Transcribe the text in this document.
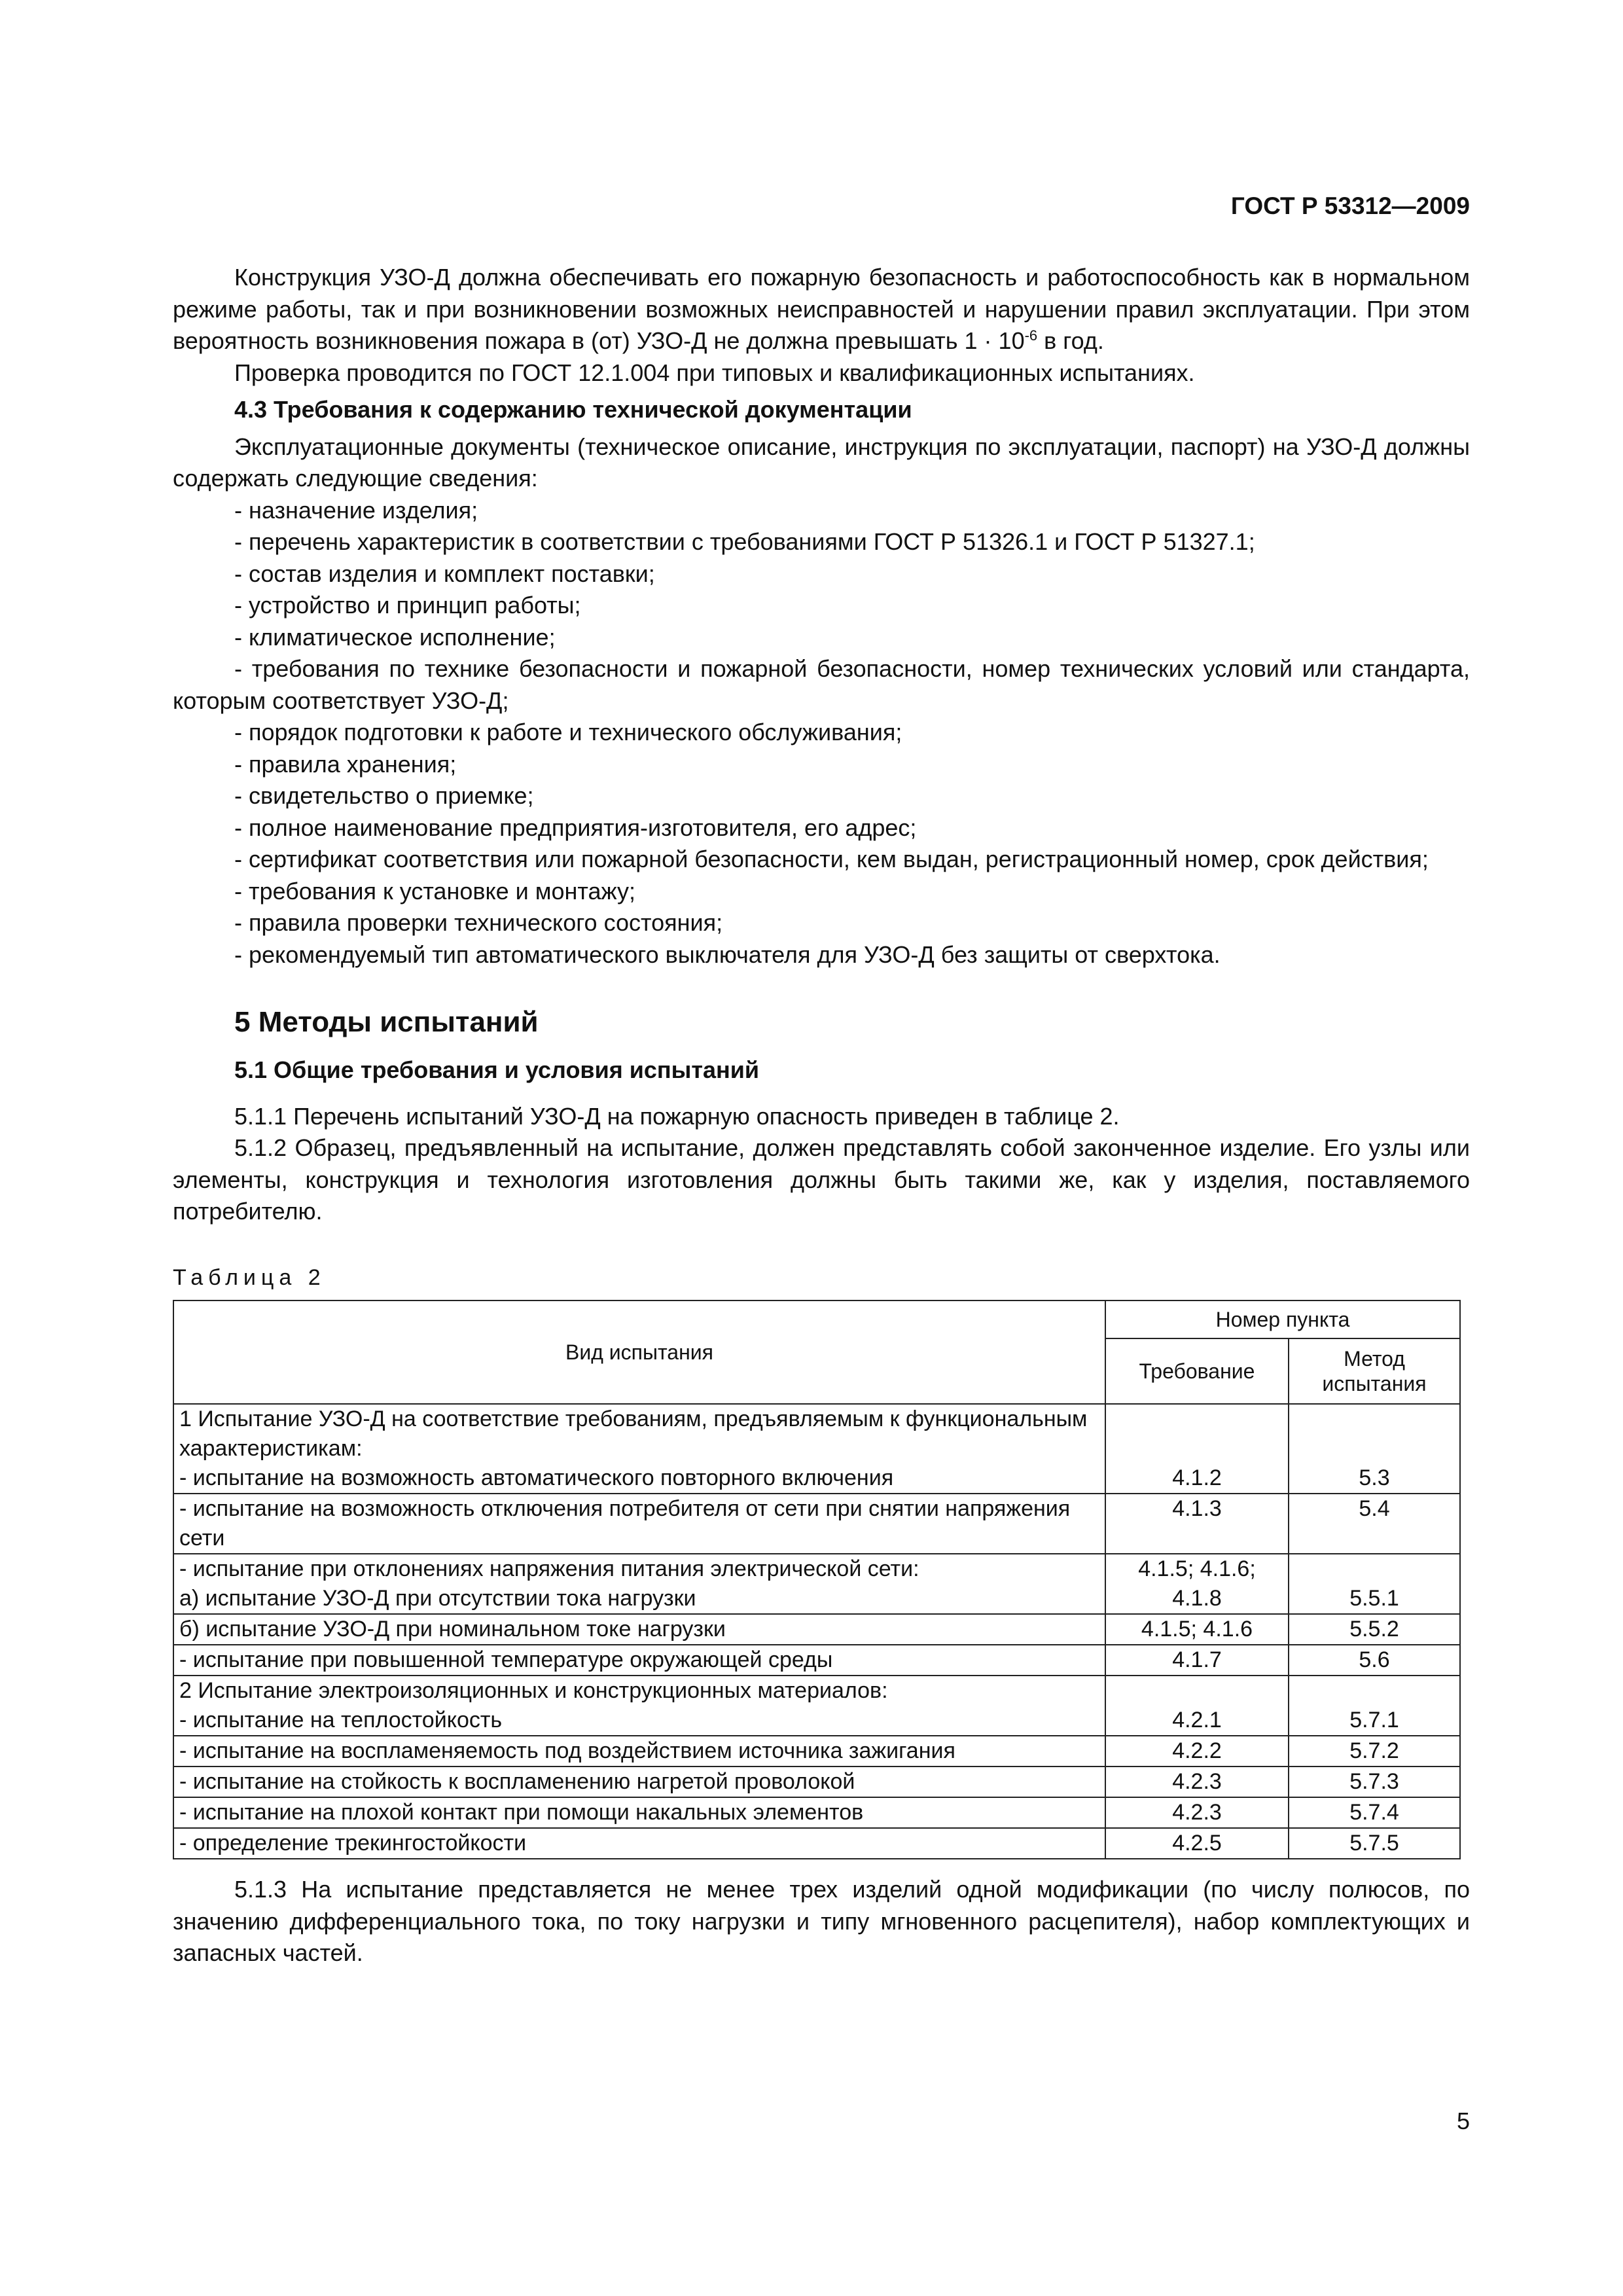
ГОСТ Р 53312—2009

Конструкция УЗО-Д должна обеспечивать его пожарную безопасность и работоспособность как в нормальном режиме работы, так и при возникновении возможных неисправностей и нарушении правил эксплуатации. При этом вероятность возникновения пожара в (от) УЗО-Д не должна превышать $1 \cdot 10^{-6}$ в год.

Проверка проводится по ГОСТ 12.1.004 при типовых и квалификационных испытаниях.

4.3 Требования к содержанию технической документации

Эксплуатационные документы (техническое описание, инструкция по эксплуатации, паспорт) на УЗО-Д должны содержать следующие сведения:

- назначение изделия;

- перечень характеристик в соответствии с требованиями ГОСТ Р 51326.1 и ГОСТ Р 51327.1;

- состав изделия и комплект поставки;

- устройство и принцип работы;

- климатическое исполнение;

- требования по технике безопасности и пожарной безопасности, номер технических условий или стандарта, которым соответствует УЗО-Д;

- порядок подготовки к работе и технического обслуживания;

- правила хранения;

- свидетельство о приемке;

- полное наименование предприятия-изготовителя, его адрес;

- сертификат соответствия или пожарной безопасности, кем выдан, регистрационный номер, срок действия;

- требования к установке и монтажу;

- правила проверки технического состояния;

- рекомендуемый тип автоматического выключателя для УЗО-Д без защиты от сверхтока.

5 Методы испытаний

5.1 Общие требования и условия испытаний

5.1.1 Перечень испытаний УЗО-Д на пожарную опасность приведен в таблице 2.

5.1.2 Образец, предъявленный на испытание, должен представлять собой законченное изделие. Его узлы или элементы, конструкция и технология изготовления должны быть такими же, как у изделия, поставляемого потребителю.

Таблица 2
Вид испытания	Номер пункта	
	Требование	Метод испытания
1 Испытание УЗО-Д на соответствие требованиям, предъявляемым к функциональным характеристикам:
- испытание на возможность автоматического повторного включения	4.1.2	5.3
- испытание на возможность отключения потребителя от сети при снятии напряжения сети	4.1.3	5.4
- испытание при отклонениях напряжения питания электрической сети:
а) испытание УЗО-Д при отсутствии тока нагрузки	4.1.5; 4.1.6; 4.1.8	5.5.1
б) испытание УЗО-Д при номинальном токе нагрузки	4.1.5; 4.1.6	5.5.2
- испытание при повышенной температуре окружающей среды	4.1.7	5.6
2 Испытание электроизоляционных и конструкционных материалов:
- испытание на теплостойкость	4.2.1	5.7.1
- испытание на воспламеняемость под воздействием источника зажигания	4.2.2	5.7.2
- испытание на стойкость к воспламенению нагретой проволокой	4.2.3	5.7.3
- испытание на плохой контакт при помощи накальных элементов	4.2.3	5.7.4
- определение трекингостойкости	4.2.5	5.7.5

5.1.3 На испытание представляется не менее трех изделий одной модификации (по числу полюсов, по значению дифференциального тока, по току нагрузки и типу мгновенного расцепителя), набор комплектующих и запасных частей.

5
